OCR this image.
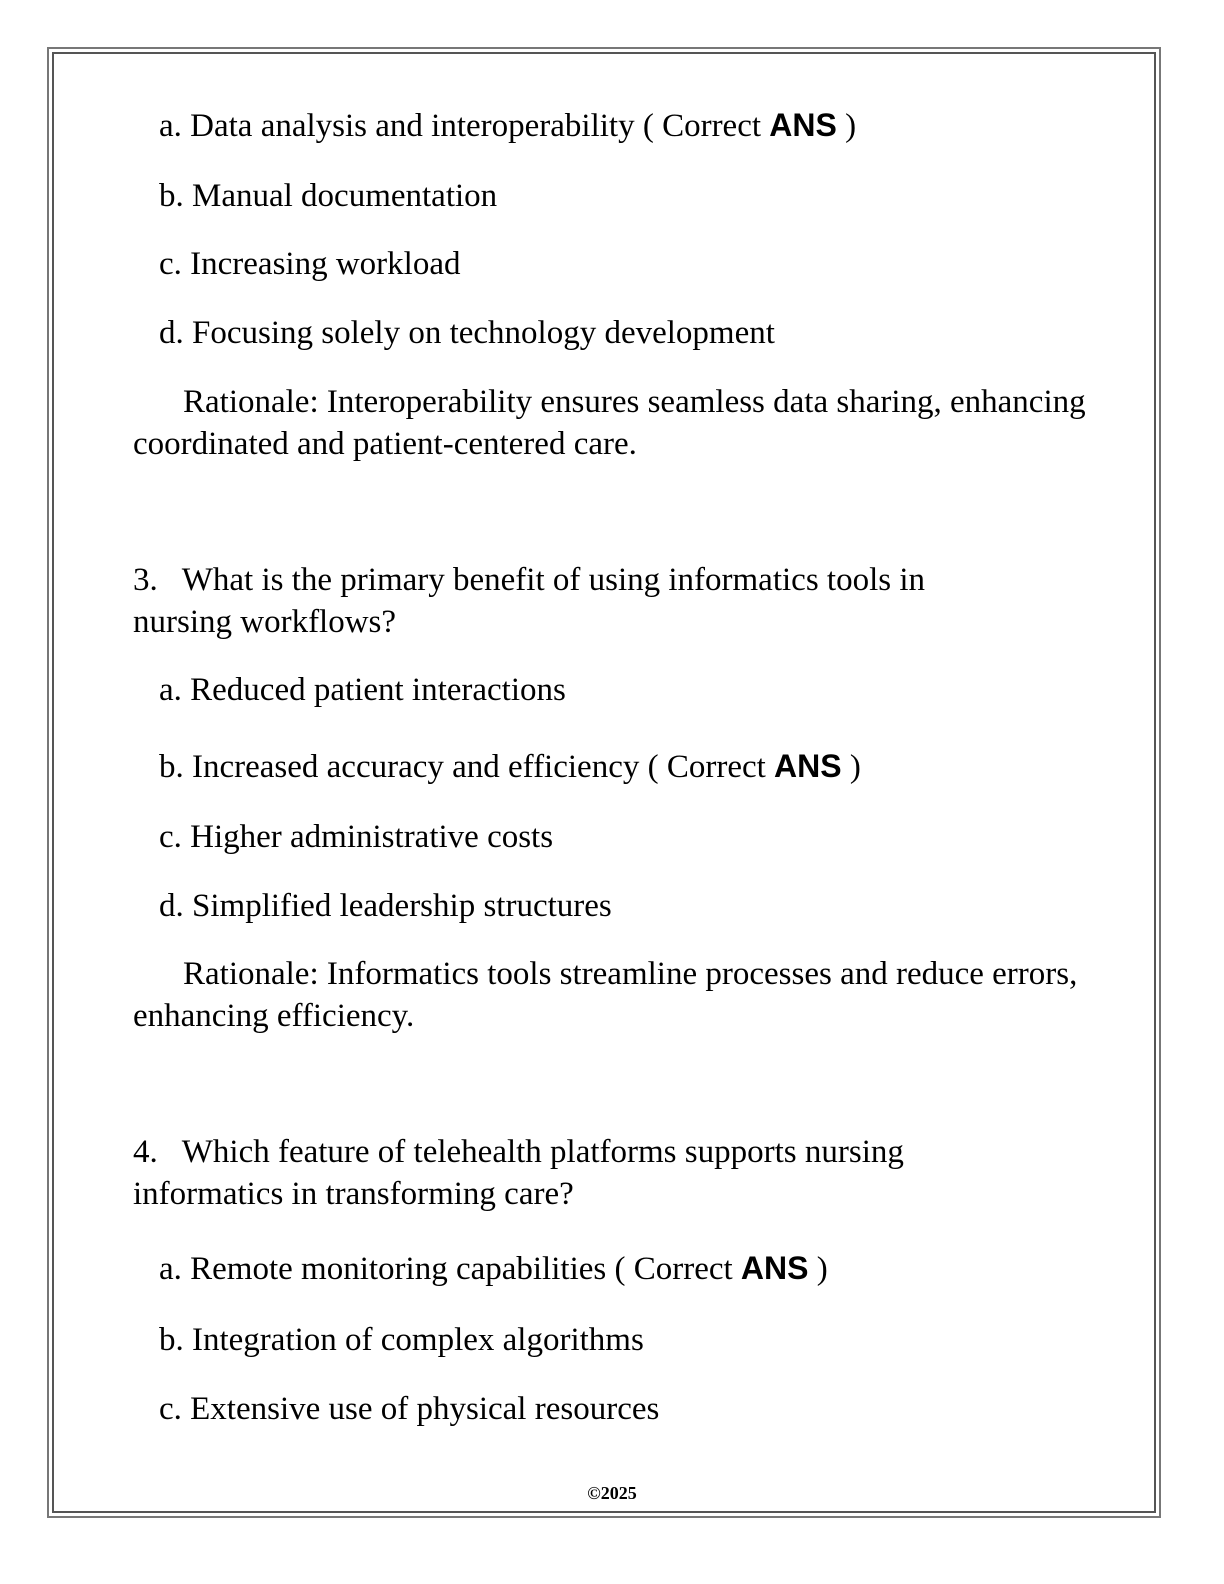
a. Data analysis and interoperability ( Correct ANS )
b. Manual documentation
c. Increasing workload
d. Focusing solely on technology development
Rationale: Interoperability ensures seamless data sharing, enhancing coordinated and patient-centered care.
3. What is the primary benefit of using informatics tools in
nursing workflows?
a. Reduced patient interactions
b. Increased accuracy and efficiency ( Correct ANS )
c. Higher administrative costs
d. Simplified leadership structures
Rationale: Informatics tools streamline processes and reduce errors, enhancing efficiency.
4. Which feature of telehealth platforms supports nursing
informatics in transforming care?
a. Remote monitoring capabilities ( Correct ANS )
b. Integration of complex algorithms
c. Extensive use of physical resources
©2025
